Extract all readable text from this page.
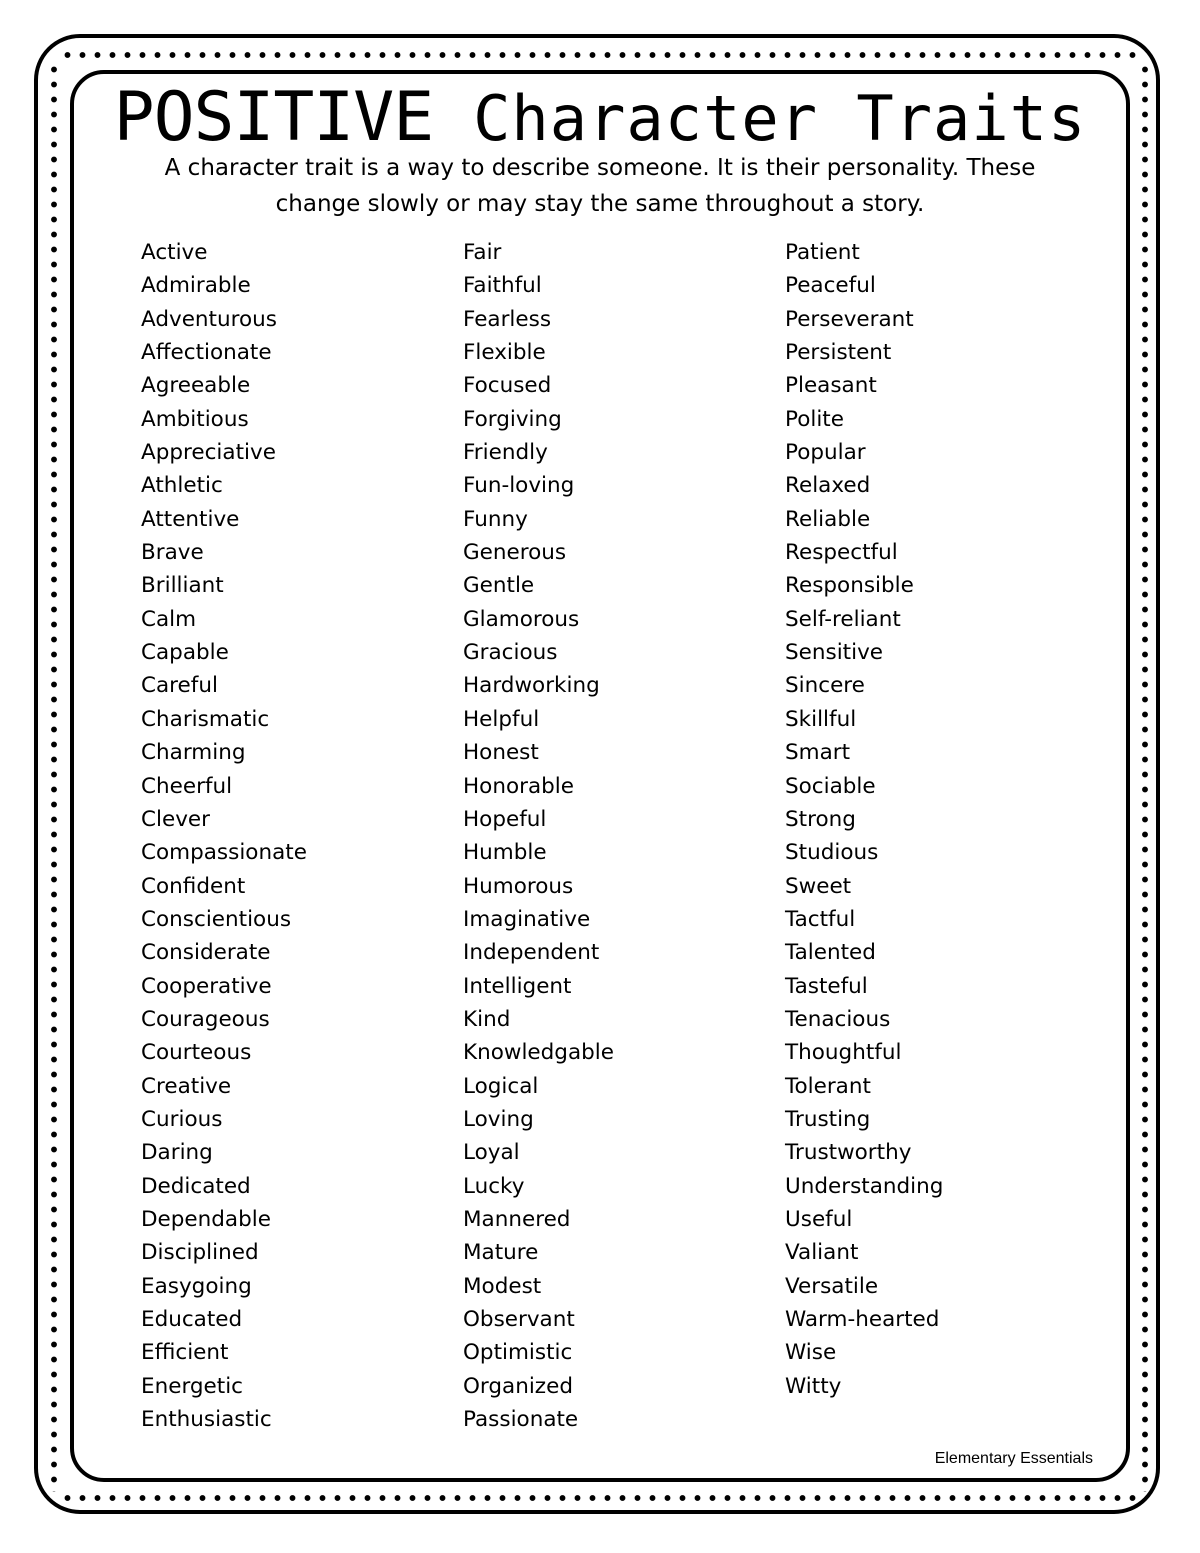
POSITIVE Character Traits
A character trait is a way to describe someone. It is their personality. These
change slowly or may stay the same throughout a story.
Active
Admirable
Adventurous
Affectionate
Agreeable
Ambitious
Appreciative
Athletic
Attentive
Brave
Brilliant
Calm
Capable
Careful
Charismatic
Charming
Cheerful
Clever
Compassionate
Confident
Conscientious
Considerate
Cooperative
Courageous
Courteous
Creative
Curious
Daring
Dedicated
Dependable
Disciplined
Easygoing
Educated
Efficient
Energetic
Enthusiastic
Fair
Faithful
Fearless
Flexible
Focused
Forgiving
Friendly
Fun-loving
Funny
Generous
Gentle
Glamorous
Gracious
Hardworking
Helpful
Honest
Honorable
Hopeful
Humble
Humorous
Imaginative
Independent
Intelligent
Kind
Knowledgable
Logical
Loving
Loyal
Lucky
Mannered
Mature
Modest
Observant
Optimistic
Organized
Passionate
Patient
Peaceful
Perseverant
Persistent
Pleasant
Polite
Popular
Relaxed
Reliable
Respectful
Responsible
Self-reliant
Sensitive
Sincere
Skillful
Smart
Sociable
Strong
Studious
Sweet
Tactful
Talented
Tasteful
Tenacious
Thoughtful
Tolerant
Trusting
Trustworthy
Understanding
Useful
Valiant
Versatile
Warm-hearted
Wise
Witty
Elementary Essentials
